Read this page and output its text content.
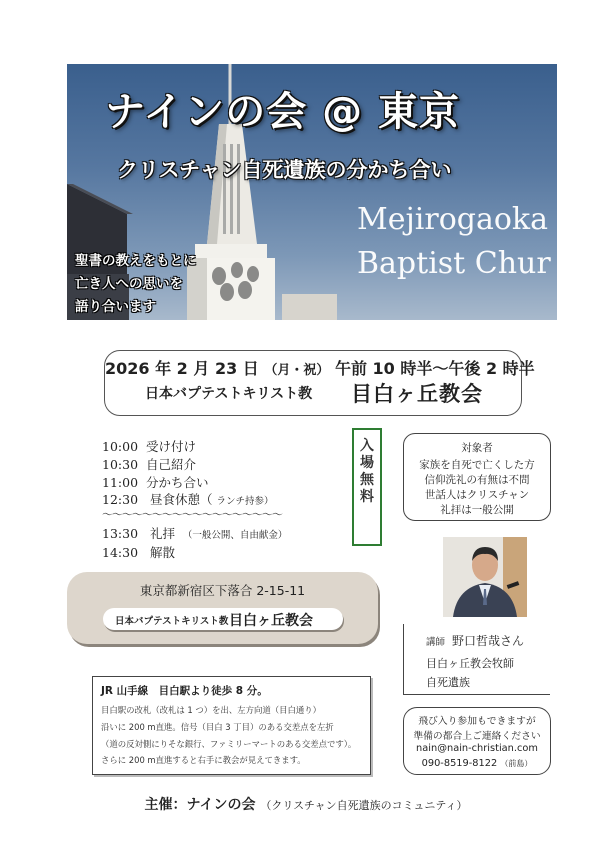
ナインの会 @ 東京
クリスチャン自死遺族の分かち合い
Mejirogaoka
Baptist Chur
聖書の教えをもとに
亡き人への思いを
語り合います
2026 年 2 月 23 日 （月・祝） 午前 10 時半〜午後 2 時半
日本バプテストキリスト教 目白ヶ丘教会
10:00 受け付け
10:30 自己紹介
11:00 分かち合い
12:30 昼食休憩（ ランチ持参）
〜〜〜〜〜〜〜〜〜〜〜〜〜〜〜〜〜〜
13:30 礼拝 （一般公開、自由献金）
14:30 解散
入場無料
対象者
家族を自死で亡くした方
信仰洗礼の有無は不問
世話人はクリスチャン
礼拝は一般公開
講師 野口哲哉さん
目白ヶ丘教会牧師
自死遺族
東京都新宿区下落合 2-15-11
日本バプテストキリスト教 目白ヶ丘教会
JR 山手線　目白駅より徒歩 8 分。
目白駅の改札（改札は 1 つ）を出、左方向道（目白通り）
沿いに 200 m直進。信号（目白 3 丁目）のある交差点を左折
（道の反対側にりそな銀行、ファミリーマートのある交差点です）。
さらに 200 m直進すると右手に教会が見えてきます。
飛び入り参加もできますが
準備の都合上ご連絡ください
nain@nain-christian.com
090-8519-8122 （前島）
主催：ナインの会 （クリスチャン自死遺族のコミュニティ）
